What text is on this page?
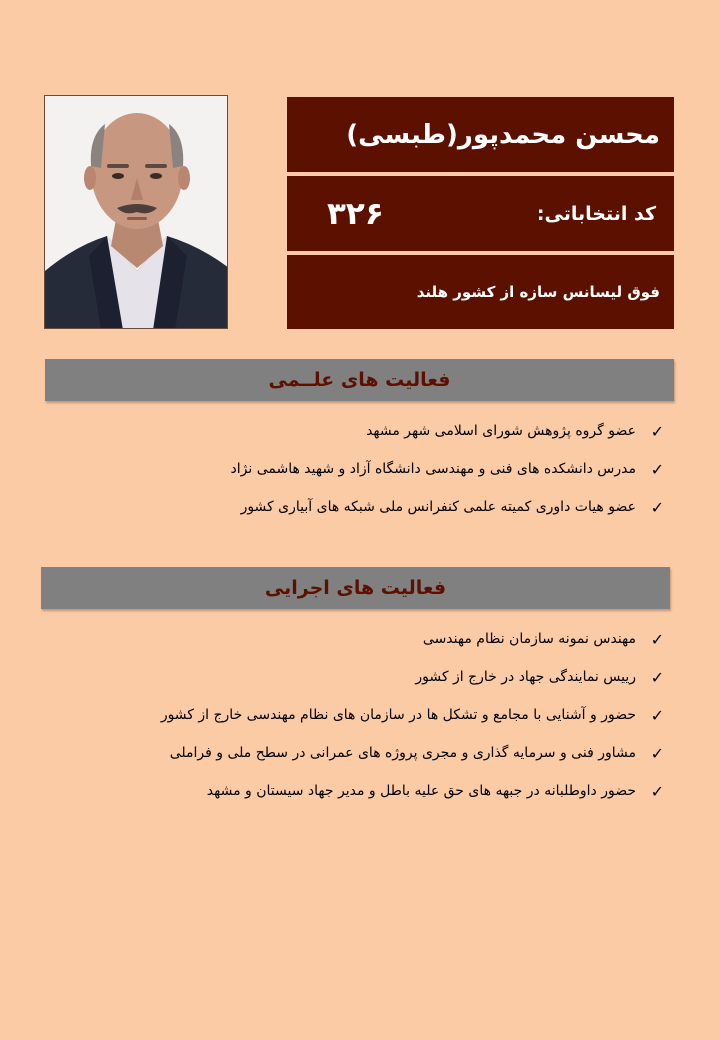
محسن محمدپور(طبسی)
کد انتخاباتی:
۳۲۶
فوق لیسانس سازه از کشور هلند
فعالیت های علــمی
✓
عضو گروه پژوهش شورای اسلامی شهر مشهد
✓
مدرس دانشکده های فنی و مهندسی دانشگاه آزاد و شهید هاشمی نژاد
✓
عضو هیات داوری کمیته علمی کنفرانس ملی شبکه های آبیاری کشور
فعالیت های اجرایی
✓
مهندس نمونه سازمان نظام مهندسی
✓
رییس نمایندگی جهاد در خارج از کشور
✓
حضور و آشنایی با مجامع و تشکل ها در سازمان های نظام مهندسی خارج از کشور
✓
مشاور فنی و سرمایه گذاری و مجری پروژه های عمرانی در سطح ملی و فراملی
✓
حضور داوطلبانه در جبهه های حق علیه باطل و مدیر جهاد سیستان و مشهد
